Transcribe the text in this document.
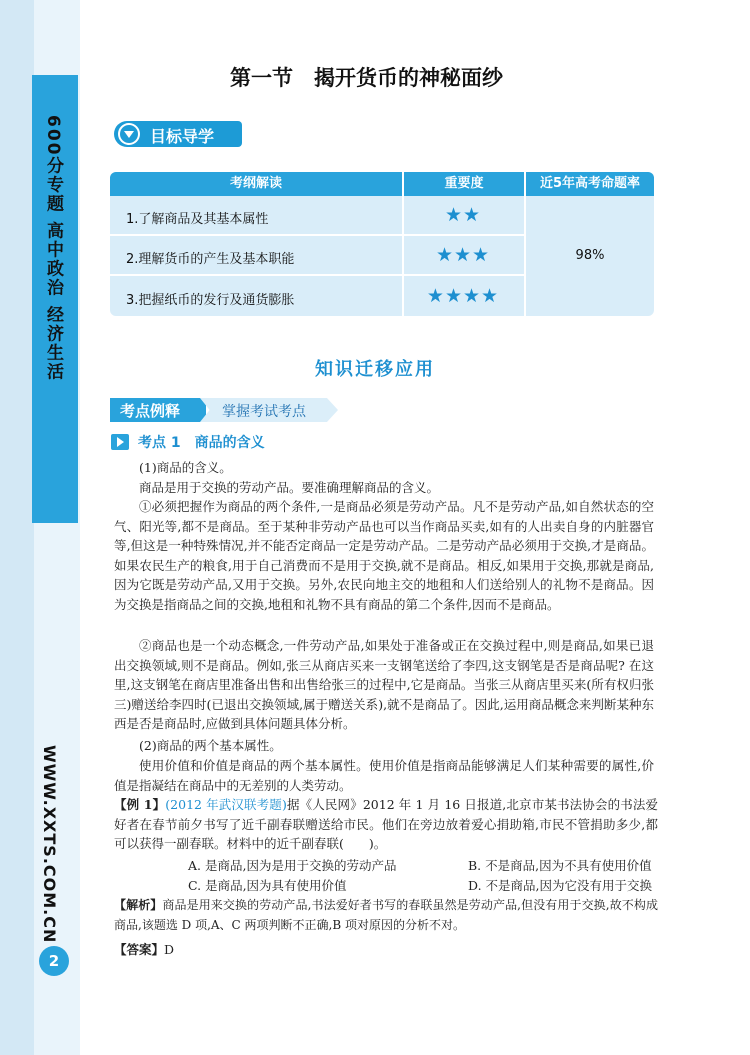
600分专题 高中政治 经济生活
WWW.XXTS.COM.CN
2
第一节　揭开货币的神秘面纱
目标导学
考纲解读	重要度	近5年高考命题率
1.了解商品及其基本属性	★★
2.理解货币的产生及基本职能	★★★
3.把握纸币的发行及通货膨胀	★★★★
98%
知识迁移应用
考点例释	掌握考试考点
考点 1　商品的含义
(1)商品的含义。
商品是用于交换的劳动产品。要准确理解商品的含义。
①必须把握作为商品的两个条件,一是商品必须是劳动产品。凡不是劳动产品,如自然状态的空气、阳光等,都不是商品。至于某种非劳动产品也可以当作商品买卖,如有的人出卖自身的内脏器官等,但这是一种特殊情况,并不能否定商品一定是劳动产品。二是劳动产品必须用于交换,才是商品。如果农民生产的粮食,用于自己消费而不是用于交换,就不是商品。相反,如果用于交换,那就是商品,因为它既是劳动产品,又用于交换。另外,农民向地主交的地租和人们送给别人的礼物不是商品。因为交换是指商品之间的交换,地租和礼物不具有商品的第二个条件,因而不是商品。
②商品也是一个动态概念,一件劳动产品,如果处于准备或正在交换过程中,则是商品,如果已退出交换领域,则不是商品。例如,张三从商店买来一支钢笔送给了李四,这支钢笔是否是商品呢? 在这里,这支钢笔在商店里准备出售和出售给张三的过程中,它是商品。当张三从商店里买来(所有权归张三)赠送给李四时(已退出交换领域,属于赠送关系),就不是商品了。因此,运用商品概念来判断某种东西是否是商品时,应做到具体问题具体分析。
(2)商品的两个基本属性。
使用价值和价值是商品的两个基本属性。使用价值是指商品能够满足人们某种需要的属性,价值是指凝结在商品中的无差别的人类劳动。
【例 1】(2012 年武汉联考题)据《人民网》2012 年 1 月 16 日报道,北京市某书法协会的书法爱好者在春节前夕书写了近千副春联赠送给市民。他们在旁边放着爱心捐助箱,市民不管捐助多少,都可以获得一副春联。材料中的近千副春联(　　)。
A. 是商品,因为是用于交换的劳动产品	B. 不是商品,因为不具有使用价值
C. 是商品,因为具有使用价值	D. 不是商品,因为它没有用于交换
【解析】商品是用来交换的劳动产品,书法爱好者书写的春联虽然是劳动产品,但没有用于交换,故不构成商品,该题选 D 项,A、C 两项判断不正确,B 项对原因的分析不对。
【答案】D
